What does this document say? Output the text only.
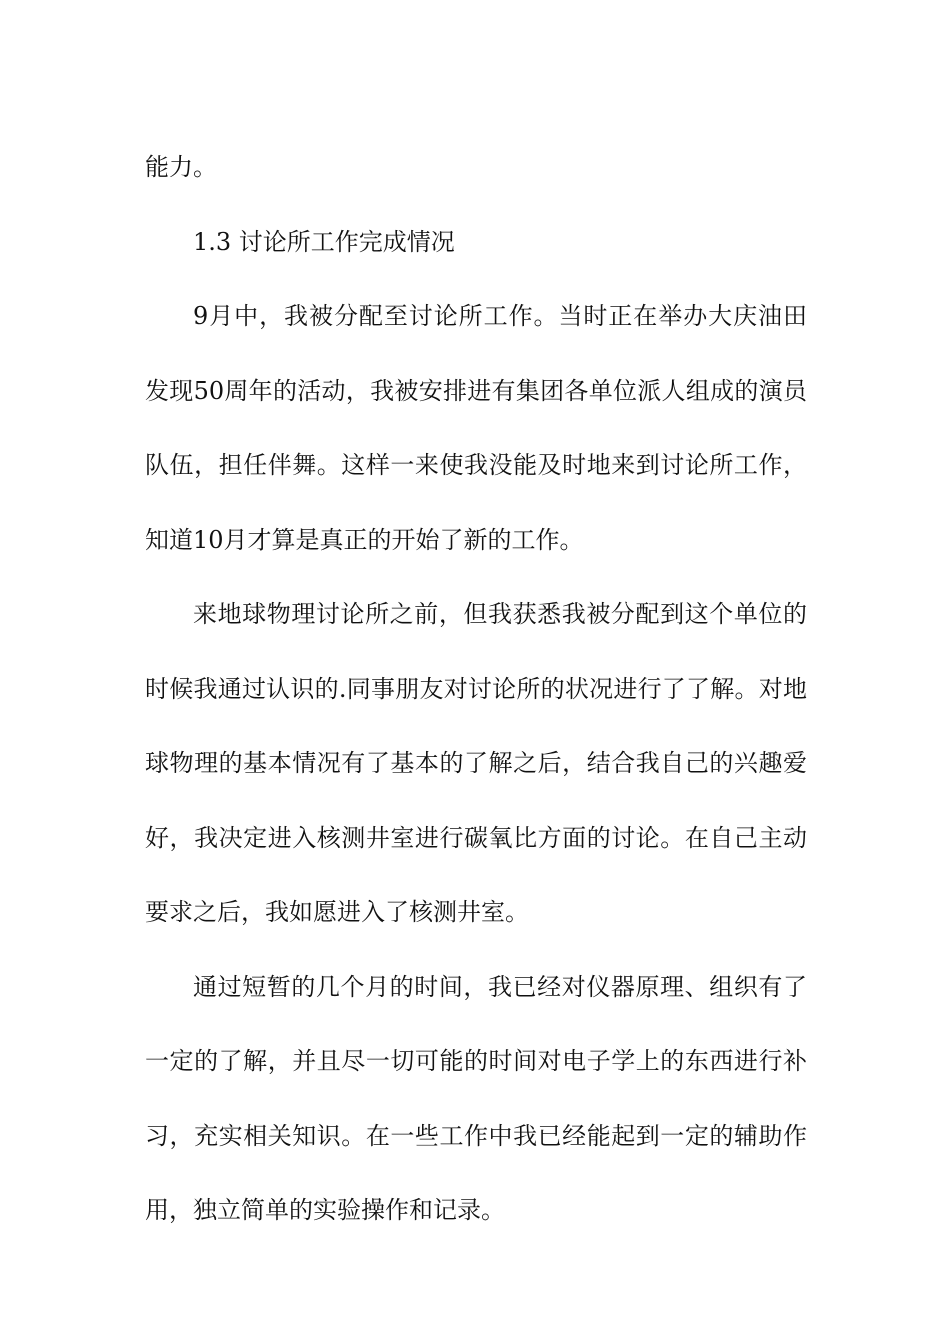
能力。
1.3 讨论所工作完成情况
9月中，我被分配至讨论所工作。当时正在举办大庆油田
发现50周年的活动，我被安排进有集团各单位派人组成的演员
队伍，担任伴舞。这样一来使我没能及时地来到讨论所工作，
知道10月才算是真正的开始了新的工作。
来地球物理讨论所之前，但我获悉我被分配到这个单位的
时候我通过认识的.同事朋友对讨论所的状况进行了了解。对地
球物理的基本情况有了基本的了解之后，结合我自己的兴趣爱
好，我决定进入核测井室进行碳氧比方面的讨论。在自己主动
要求之后，我如愿进入了核测井室。
通过短暂的几个月的时间，我已经对仪器原理、组织有了
一定的了解，并且尽一切可能的时间对电子学上的东西进行补
习，充实相关知识。在一些工作中我已经能起到一定的辅助作
用，独立简单的实验操作和记录。
